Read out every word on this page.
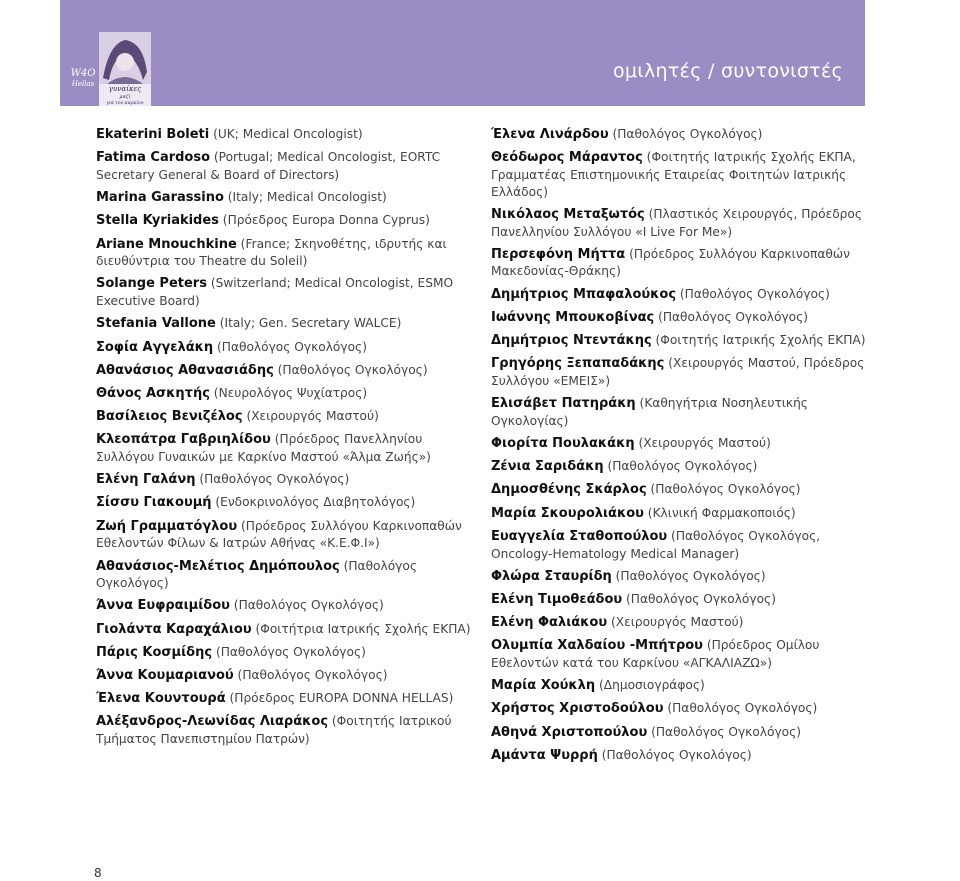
ομιλητές / συντονιστές
W4O
Hellas
γυναίκες
μαζί
για τον καρκίνο
Ekaterini Boleti (UK; Medical Oncologist)
Fatima Cardoso (Portugal; Medical Oncologist, EORTC Secretary General & Board of Directors)
Marina Garassino (Italy; Medical Oncologist)
Stella Kyriakides (Πρόεδρος Europa Donna Cyprus)
Ariane Mnouchkine (France; Σκηνοθέτης, ιδρυτής και διευθύντρια του Theatre du Soleil)
Solange Peters (Switzerland; Medical Oncologist, ESMO Executive Board)
Stefania Vallone (Italy; Gen. Secretary WALCE)
Σοφία Αγγελάκη (Παθολόγος Ογκολόγος)
Αθανάσιος Αθανασιάδης (Παθολόγος Ογκολόγος)
Θάνος Ασκητής (Νευρολόγος Ψυχίατρος)
Βασίλειος Βενιζέλος (Χειρουργός Μαστού)
Κλεοπάτρα Γαβριηλίδου (Πρόεδρος Πανελληνίου Συλλόγου Γυναικών με Καρκίνο Μαστού «Άλμα Ζωής»)
Ελένη Γαλάνη (Παθολόγος Ογκολόγος)
Σίσσυ Γιακουμή (Ενδοκρινολόγος Διαβητολόγος)
Ζωή Γραμματόγλου (Πρόεδρος Συλλόγου Καρκινοπαθών Εθελοντών Φίλων & Ιατρών Αθήνας «Κ.Ε.Φ.Ι»)
Αθανάσιος-Μελέτιος Δημόπουλος (Παθολόγος Ογκολόγος)
Άννα Ευφραιμίδου (Παθολόγος Ογκολόγος)
Γιολάντα Καραχάλιου (Φοιτήτρια Ιατρικής Σχολής ΕΚΠΑ)
Πάρις Κοσμίδης (Παθολόγος Ογκολόγος)
Άννα Κουμαριανού (Παθολόγος Ογκολόγος)
Έλενα Κουντουρά (Πρόεδρος EUROPA DONNA HELLAS)
Αλέξανδρος-Λεωνίδας Λιαράκος (Φοιτητής Ιατρικού Τμήματος Πανεπιστημίου Πατρών)
Έλενα Λινάρδου (Παθολόγος Ογκολόγος)
Θεόδωρος Μάραντος (Φοιτητής Ιατρικής Σχολής ΕΚΠΑ, Γραμματέας Επιστημονικής Εταιρείας Φοιτητών Ιατρικής Ελλάδος)
Νικόλαος Μεταξωτός (Πλαστικός Χειρουργός, Πρόεδρος Πανελληνίου Συλλόγου «I Live For Me»)
Περσεφόνη Μήττα (Πρόεδρος Συλλόγου Καρκινοπαθών Μακεδονίας-Θράκης)
Δημήτριος Μπαφαλούκος (Παθολόγος Ογκολόγος)
Ιωάννης Μπουκοβίνας (Παθολόγος Ογκολόγος)
Δημήτριος Ντεντάκης (Φοιτητής Ιατρικής Σχολής ΕΚΠΑ)
Γρηγόρης Ξεπαπαδάκης (Χειρουργός Μαστού, Πρόεδρος Συλλόγου «ΕΜΕΙΣ»)
Ελισάβετ Πατηράκη (Καθηγήτρια Νοσηλευτικής Ογκολογίας)
Φιορίτα Πουλακάκη (Χειρουργός Μαστού)
Ζένια Σαριδάκη (Παθολόγος Ογκολόγος)
Δημοσθένης Σκάρλος (Παθολόγος Ογκολόγος)
Μαρία Σκουρολιάκου (Κλινική Φαρμακοποιός)
Ευαγγελία Σταθοπούλου (Παθολόγος Ογκολόγος, Oncology-Hematology Medical Manager)
Φλώρα Σταυρίδη (Παθολόγος Ογκολόγος)
Ελένη Τιμοθεάδου (Παθολόγος Ογκολόγος)
Ελένη Φαλιάκου (Χειρουργός Μαστού)
Ολυμπία Χαλδαίου -Μπήτρου (Πρόεδρος Ομίλου Εθελοντών κατά του Καρκίνου «ΑΓΚΑΛΙΑΖΩ»)
Μαρία Χούκλη (Δημοσιογράφος)
Χρήστος Χριστοδούλου (Παθολόγος Ογκολόγος)
Αθηνά Χριστοπούλου (Παθολόγος Ογκολόγος)
Αμάντα Ψυρρή (Παθολόγος Ογκολόγος)
8
